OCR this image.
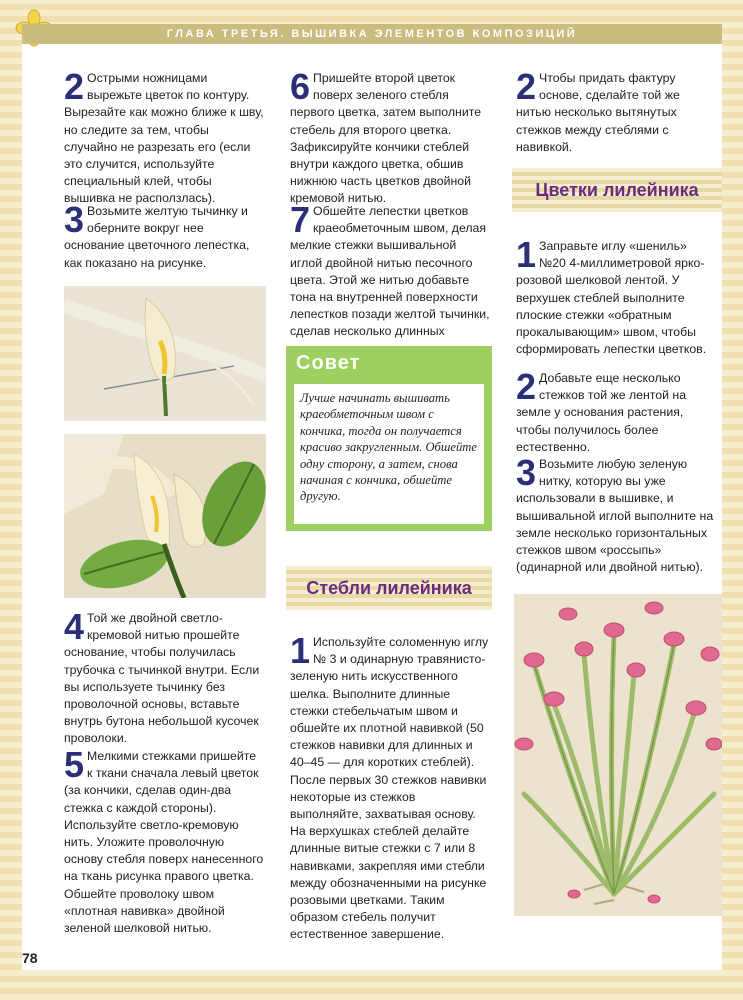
ГЛАВА ТРЕТЬЯ. ВЫШИВКА ЭЛЕМЕНТОВ КОМПОЗИЦИЙ
2 Острыми ножницами вырежьте цветок по контуру. Вырезайте как можно ближе к шву, но следите за тем, чтобы случайно не разрезать его (если это случится, используйте специальный клей, чтобы вышивка не расползлась).

3 Возьмите желтую тычинку и оберните вокруг нее основание цветочного лепестка, как показано на рисунке.

4 Той же двойной светло-кремовой нитью прошейте основание, чтобы получилась трубочка с тычинкой внутри. Если вы используете тычинку без проволочной основы, вставьте внутрь бутона небольшой кусочек проволоки.

5 Мелкими стежками пришейте к ткани сначала левый цветок (за кончики, сделав один-два стежка с каждой стороны). Используйте светло-кремовую нить. Уложите проволочную основу стебля поверх нанесенного на ткань рисунка правого цветка. Обшейте проволоку швом «плотная навивка» двойной зеленой шелковой нитью.

6 Пришейте второй цветок поверх зеленого стебля первого цветка, затем выполните стебель для второго цветка. Зафиксируйте кончики стеблей внутри каждого цветка, обшив нижнюю часть цветков двойной кремовой нитью.

7 Обшейте лепестки цветков краеобметочным швом, делая мелкие стежки вышивальной иглой двойной нитью песочного цвета. Этой же нитью добавьте тона на внутренней поверхности лепестков позади желтой тычинки, сделав несколько длинных

Совет
Лучше начинать вышивать краеобметочным швом с кончика, тогда он получается красиво закругленным. Обшейте одну сторону, а затем, снова начиная с кончика, обшейте другую.
Стебли лилейника
1 Используйте соломенную иглу № 3 и одинарную травянисто-зеленую нить искусственного шелка. Выполните длинные стежки стебельчатым швом и обшейте их плотной навивкой (50 стежков навивки для длинных и 40–45 — для коротких стеблей). После первых 30 стежков навивки некоторые из стежков выполняйте, захватывая основу. На верхушках стеблей делайте длинные витые стежки с 7 или 8 навивками, закрепляя ими стебли между обозначенными на рисунке розовыми цветками. Таким образом стебель получит естественное завершение.

2 Чтобы придать фактуру основе, сделайте той же нитью несколько вытянутых стежков между стеблями с навивкой.

Цветки лилейника
1 Заправьте иглу «шениль» №20 4-миллиметровой ярко-розовой шелковой лентой. У верхушек стеблей выполните плоские стежки «обратным прокалывающим» швом, чтобы сформировать лепестки цветков.

2 Добавьте еще несколько стежков той же лентой на земле у основания растения, чтобы получилось более естественно.

3 Возьмите любую зеленую нитку, которую вы уже использовали в вышивке, и вышивальной иглой выполните на земле несколько горизонтальных стежков швом «россыпь» (одинарной или двойной нитью).

78
